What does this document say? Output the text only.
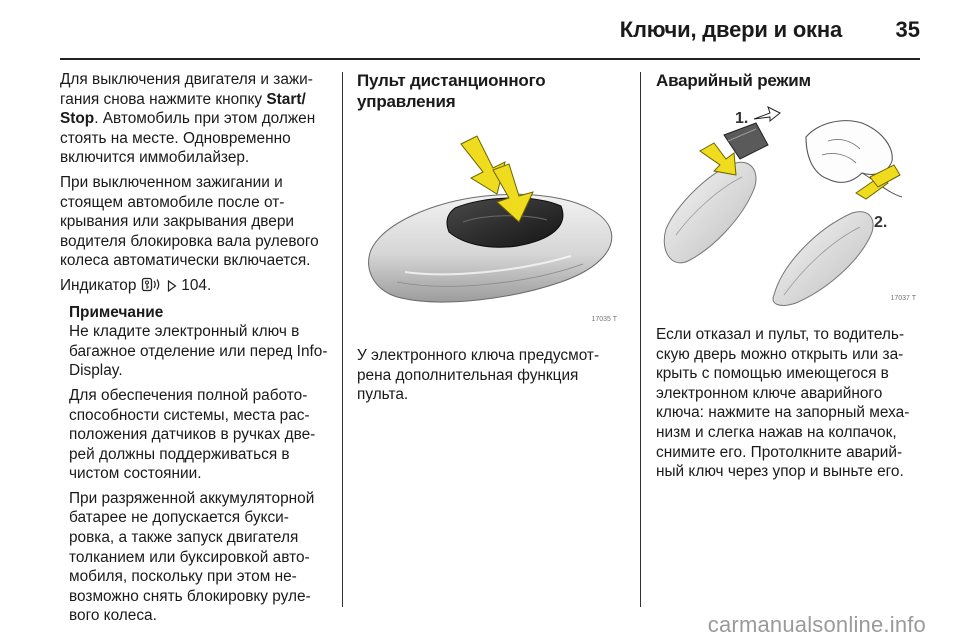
Ключи, двери и окна 35

Для выключения двигателя и зажигания снова нажмите кнопку Start/ Stop. Автомобиль при этом должен стоять на месте. Одновременно включится иммобилайзер.

При выключенном зажигании и стоящем автомобиле после открывания или закрывания двери водителя блокировка вала рулевого колеса автоматически включается.

Индикатор	104.

Примечание

Не кладите электронный ключ в багажное отделение или перед Info-Display.

Для обеспечения полной работоспособности системы, места расположения датчиков в ручках дверей должны поддерживаться в чистом состоянии.

При разряженной аккумуляторной батарее не допускается буксировка, а также запуск двигателя толканием или буксировкой автомобиля, поскольку при этом невозможно снять блокировку рулевого колеса.

Пульт дистанционного управления
17035 T

У электронного ключа предусмотрена дополнительная функция пульта.

Аварийный режим
1.
2.
17037 T

Если отказал и пульт, то водительскую дверь можно открыть или закрыть с помощью имеющегося в электронном ключе аварийного ключа: нажмите на запорный механизм и слегка нажав на колпачок, снимите его. Протолкните аварийный ключ через упор и выньте его.

carmanualsonline.info
